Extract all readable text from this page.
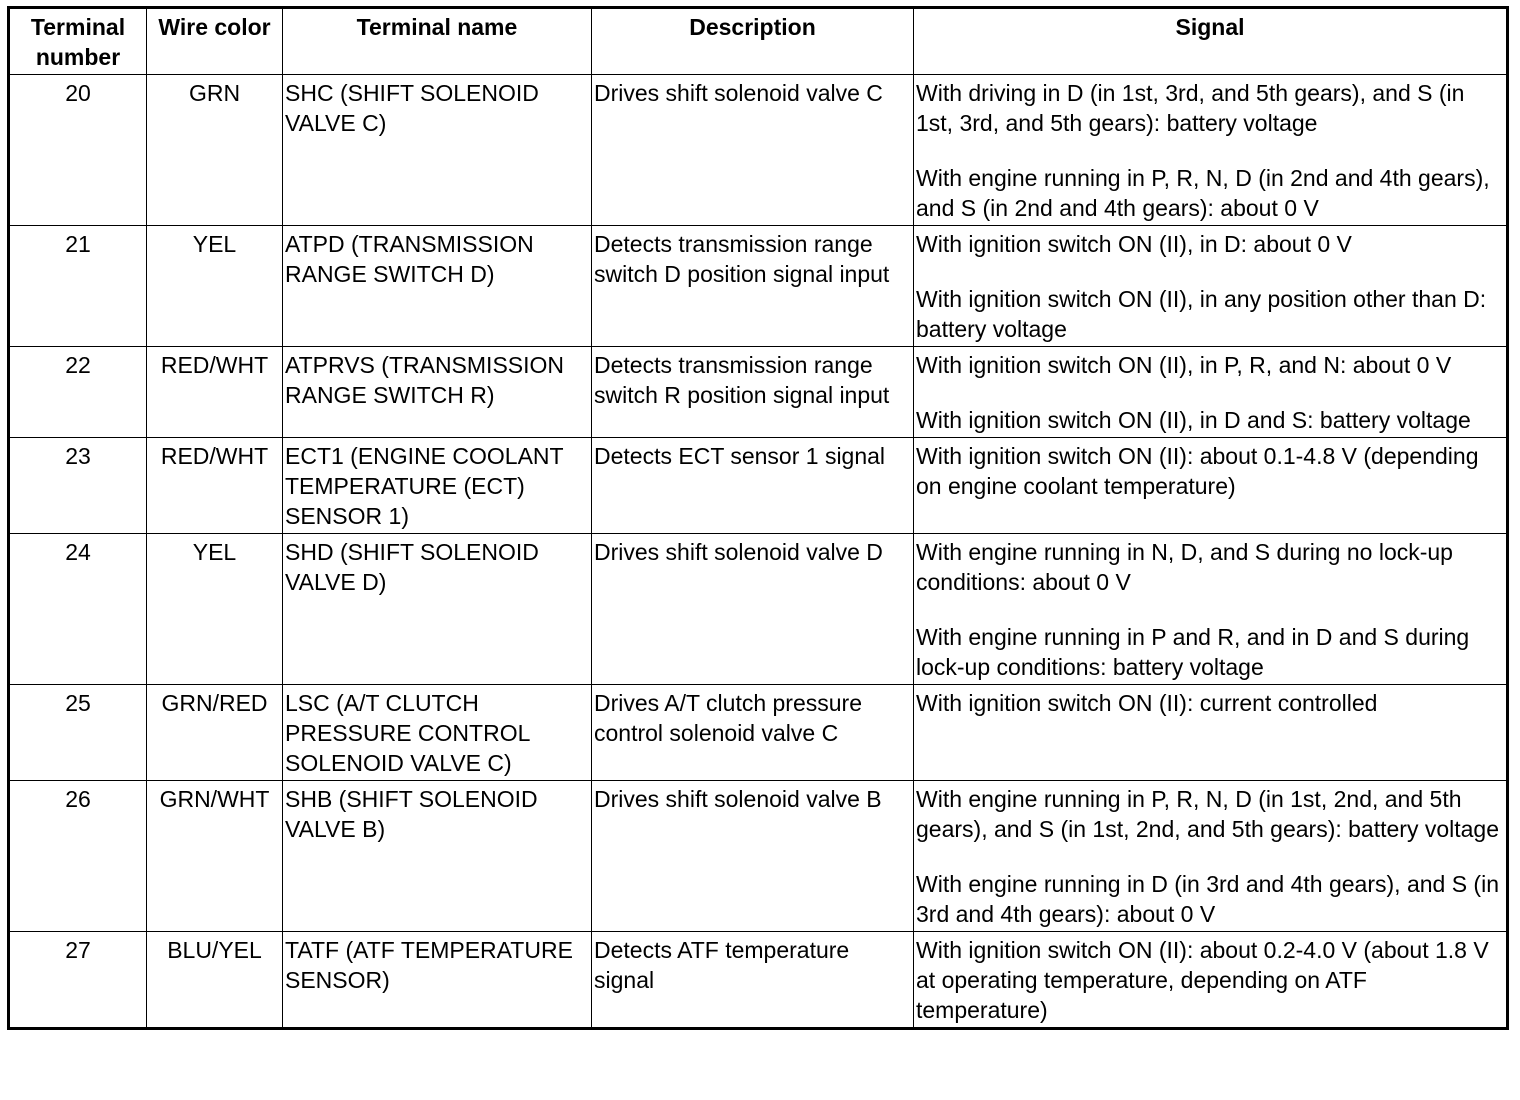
Terminal number	Wire color	Terminal name	Description	Signal
20	GRN	SHC (SHIFT SOLENOID VALVE C)	Drives shift solenoid valve C	With driving in D (in 1st, 3rd, and 5th gears), and S (in 1st, 3rd, and 5th gears): battery voltage
With engine running in P, R, N, D (in 2nd and 4th gears), and S (in 2nd and 4th gears): about 0 V

21	YEL	ATPD (TRANSMISSION RANGE SWITCH D)	Detects transmission range switch D position signal input	With ignition switch ON (II), in D: about 0 V
With ignition switch ON (II), in any position other than D: battery voltage

22	RED/WHT	ATPRVS (TRANSMISSION RANGE SWITCH R)	Detects transmission range switch R position signal input	With ignition switch ON (II), in P, R, and N: about 0 V
With ignition switch ON (II), in D and S: battery voltage

23	RED/WHT	ECT1 (ENGINE COOLANT TEMPERATURE (ECT) SENSOR 1)	Detects ECT sensor 1 signal	With ignition switch ON (II): about 0.1-4.8 V (depending on engine coolant temperature)

24	YEL	SHD (SHIFT SOLENOID VALVE D)	Drives shift solenoid valve D	With engine running in N, D, and S during no lock-up conditions: about 0 V
With engine running in P and R, and in D and S during lock-up conditions: battery voltage

25	GRN/RED	LSC (A/T CLUTCH PRESSURE CONTROL SOLENOID VALVE C)	Drives A/T clutch pressure control solenoid valve C	With ignition switch ON (II): current controlled

26	GRN/WHT	SHB (SHIFT SOLENOID VALVE B)	Drives shift solenoid valve B	With engine running in P, R, N, D (in 1st, 2nd, and 5th gears), and S (in 1st, 2nd, and 5th gears): battery voltage
With engine running in D (in 3rd and 4th gears), and S (in 3rd and 4th gears): about 0 V

27	BLU/YEL	TATF (ATF TEMPERATURE SENSOR)	Detects ATF temperature signal	With ignition switch ON (II): about 0.2-4.0 V (about 1.8 V at operating temperature, depending on ATF temperature)
